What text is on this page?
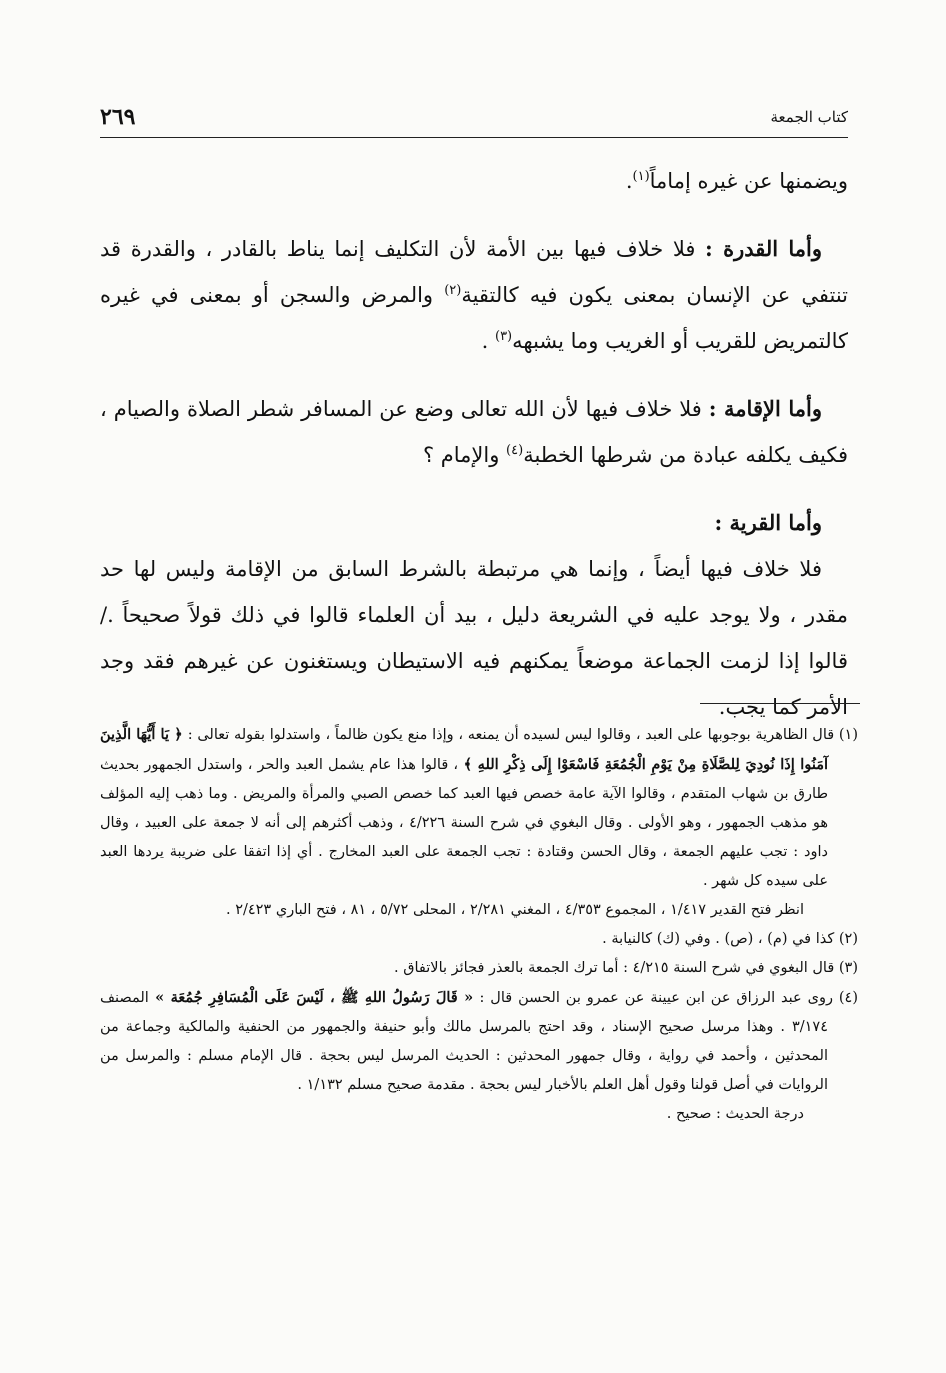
٢٦٩	كتاب الجمعة

ويضمنها عن غيره إماماً$^{(١)}$.

وأما القدرة : فلا خلاف فيها بين الأمة لأن التكليف إنما يناط بالقادر ، والقدرة قد تنتفي عن الإنسان بمعنى يكون فيه كالتقية$^{(٢)}$ والمرض والسجن أو بمعنى في غيره كالتمريض للقريب أو الغريب وما يشبهه$^{(٣)}$ .

وأما الإقامة : فلا خلاف فيها لأن الله تعالى وضع عن المسافر شطر الصلاة والصيام ، فكيف يكلفه عبادة من شرطها الخطبة$^{(٤)}$ والإمام ؟

وأما القرية :

فلا خلاف فيها أيضاً ، وإنما هي مرتبطة بالشرط السابق من الإقامة وليس لها حد مقدر ، ولا يوجد عليه في الشريعة دليل ، بيد أن العلماء قالوا في ذلك قولاً صحيحاً ./ قالوا إذا لزمت الجماعة موضعاً يمكنهم فيه الاستيطان ويستغنون عن غيرهم فقد وجد الأمر كما يجب.

(١) قال الظاهرية بوجوبها على العبد ، وقالوا ليس لسيده أن يمنعه ، وإذا منع يكون ظالماً ، واستدلوا بقوله تعالى : ﴿ يَا أَيُّهَا الَّذِينَ آمَنُوا إِذَا نُودِيَ لِلصَّلَاةِ مِنْ يَوْمِ الْجُمُعَةِ فَاسْعَوْا إِلَى ذِكْرِ اللهِ ﴾ ، قالوا هذا عام يشمل العبد والحر ، واستدل الجمهور بحديث طارق بن شهاب المتقدم ، وقالوا الآية عامة خصص فيها العبد كما خصص الصبي والمرأة والمريض . وما ذهب إليه المؤلف هو مذهب الجمهور ، وهو الأولى . وقال البغوي في شرح السنة ٤/٢٢٦ ، وذهب أكثرهم إلى أنه لا جمعة على العبيد ، وقال داود : تجب عليهم الجمعة ، وقال الحسن وقتادة : تجب الجمعة على العبد المخارج . أي إذا اتفقا على ضريبة يردها العبد على سيده كل شهر .

انظر فتح القدير ١/٤١٧ ، المجموع ٤/٣٥٣ ، المغني ٢/٢٨١ ، المحلى ٥/٧٢ ، ٨١ ، فتح الباري ٢/٤٢٣ .

(٢) كذا في (م) ، (ص) . وفي (ك) كالنيابة .

(٣) قال البغوي في شرح السنة ٤/٢١٥ : أما ترك الجمعة بالعذر فجائز بالاتفاق .

(٤) روى عبد الرزاق عن ابن عيينة عن عمرو بن الحسن قال : « قَالَ رَسُولُ اللهِ ﷺ ، لَيْسَ عَلَى الْمُسَافِرِ جُمُعَة » المصنف ٣/١٧٤ . وهذا مرسل صحيح الإسناد ، وقد احتج بالمرسل مالك وأبو حنيفة والجمهور من الحنفية والمالكية وجماعة من المحدثين ، وأحمد في رواية ، وقال جمهور المحدثين : الحديث المرسل ليس بحجة . قال الإمام مسلم : والمرسل من الروايات في أصل قولنا وقول أهل العلم بالأخبار ليس بحجة . مقدمة صحيح مسلم ١/١٣٢ .

درجة الحديث : صحيح .
